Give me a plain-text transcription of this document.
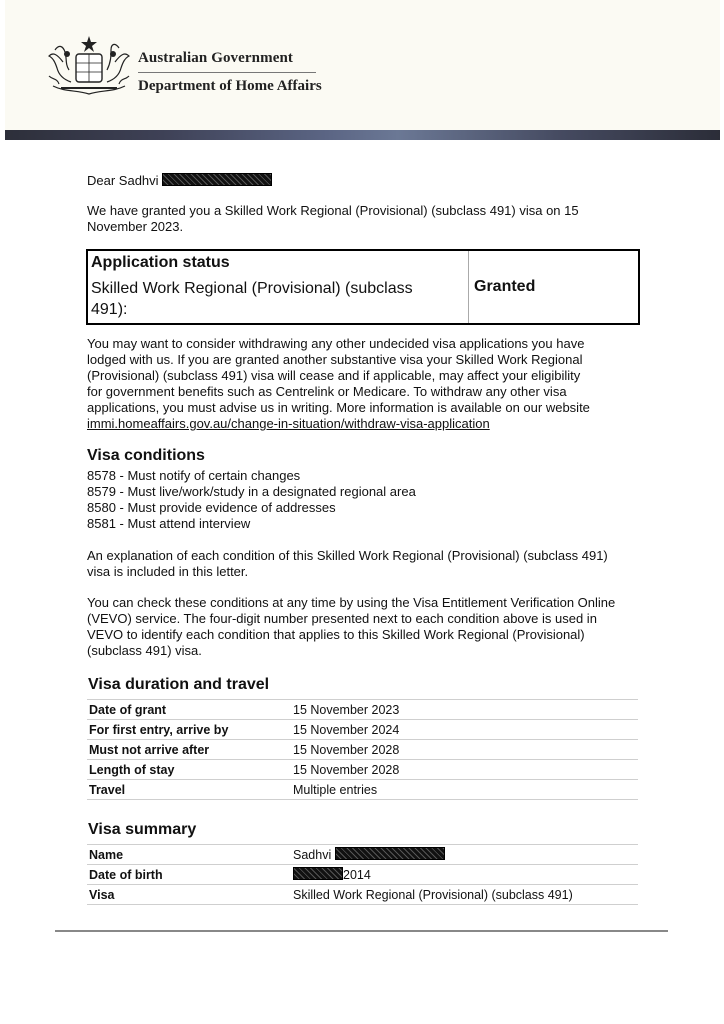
Australian Government
Department of Home Affairs
Dear Sadhvi
We have granted you a Skilled Work Regional (Provisional) (subclass 491) visa on 15
November 2023.
Application status
Skilled Work Regional (Provisional) (subclass 491):
Granted
You may want to consider withdrawing any other undecided visa applications you have
lodged with us. If you are granted another substantive visa your Skilled Work Regional
(Provisional) (subclass 491) visa will cease and if applicable, may affect your eligibility
for government benefits such as Centrelink or Medicare. To withdraw any other visa
applications, you must advise us in writing. More information is available on our website
immi.homeaffairs.gov.au/change-in-situation/withdraw-visa-application
Visa conditions
8578 - Must notify of certain changes
8579 - Must live/work/study in a designated regional area
8580 - Must provide evidence of addresses
8581 - Must attend interview
An explanation of each condition of this Skilled Work Regional (Provisional) (subclass 491)
visa is included in this letter.
You can check these conditions at any time by using the Visa Entitlement Verification Online
(VEVO) service. The four-digit number presented next to each condition above is used in
VEVO to identify each condition that applies to this Skilled Work Regional (Provisional)
(subclass 491) visa.
Visa duration and travel
Date of grant	15 November 2023
For first entry, arrive by	15 November 2024
Must not arrive after	15 November 2028
Length of stay	15 November 2028
Travel	Multiple entries
Visa summary
Name	Sadhvi
Date of birth	2014
Visa	Skilled Work Regional (Provisional) (subclass 491)
